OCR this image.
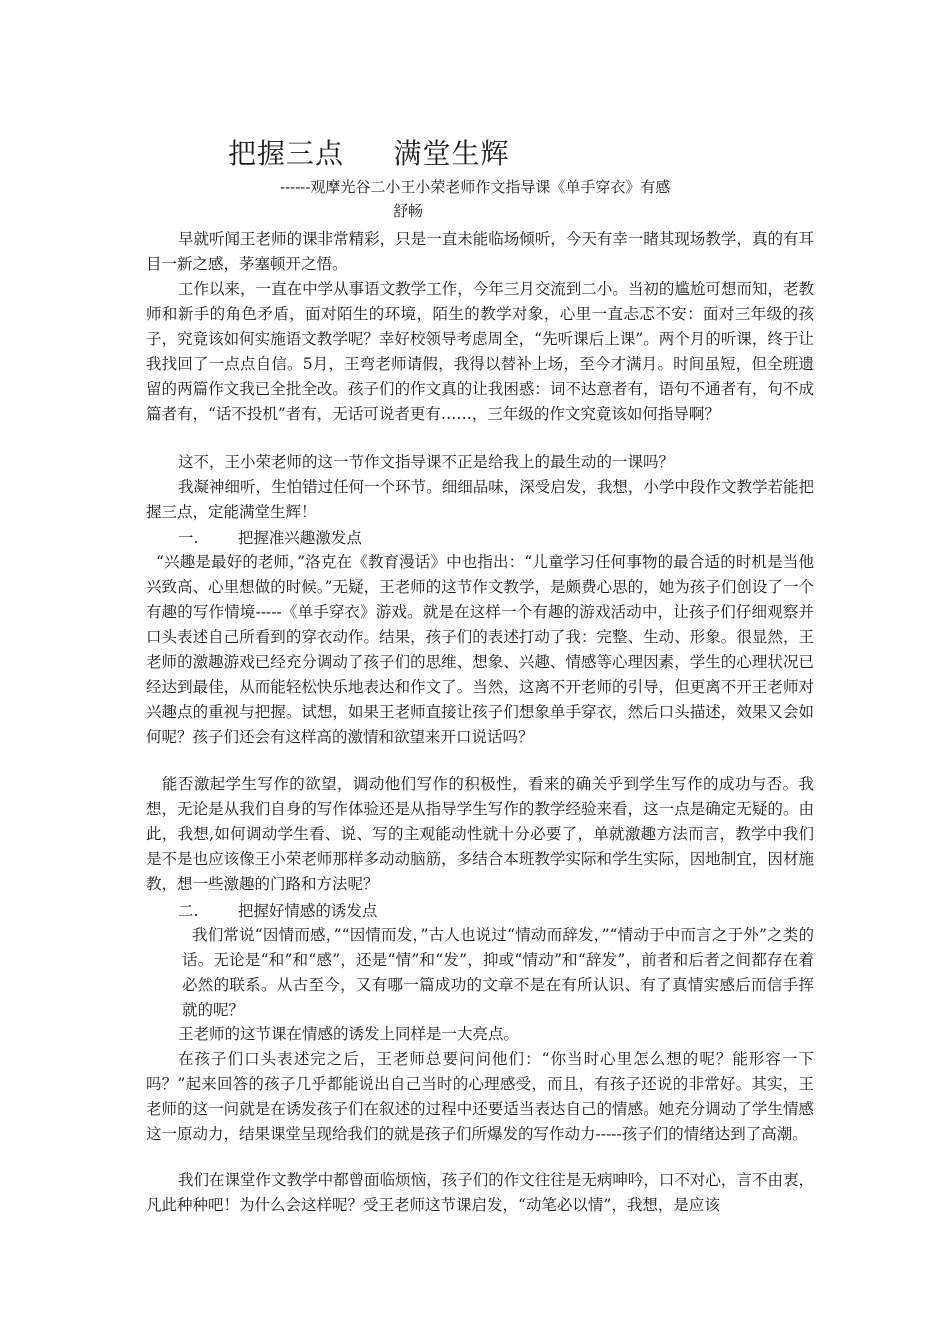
把握三点     满堂生辉
------观摩光谷二小王小荣老师作文指导课《单手穿衣》有感
舒畅

早就听闻王老师的课非常精彩，只是一直未能临场倾听，今天有幸一睹其现场教学，真的有耳目一新之感，茅塞顿开之悟。

工作以来，一直在中学从事语文教学工作，今年三月交流到二小。当初的尴尬可想而知，老教师和新手的角色矛盾，面对陌生的环境，陌生的教学对象，心里一直忐忑不安：面对三年级的孩子，究竟该如何实施语文教学呢？幸好校领导考虑周全，“先听课后上课”。两个月的听课，终于让我找回了一点点自信。5月，王弯老师请假，我得以替补上场，至今才满月。时间虽短，但全班遗留的两篇作文我已全批全改。孩子们的作文真的让我困惑：词不达意者有，语句不通者有，句不成篇者有，“话不投机”者有，无话可说者更有……，三年级的作文究竟该如何指导啊？

这不，王小荣老师的这一节作文指导课不正是给我上的最生动的一课吗？

我凝神细听，生怕错过任何一个环节。细细品味，深受启发，我想，小学中段作文教学若能把握三点，定能满堂生辉！

一.        把握准兴趣激发点

“兴趣是最好的老师，”洛克在《教育漫话》中也指出：“儿童学习任何事物的最合适的时机是当他兴致高、心里想做的时候。”无疑，王老师的这节作文教学，是颇费心思的，她为孩子们创设了一个有趣的写作情境-----《单手穿衣》游戏。就是在这样一个有趣的游戏活动中，让孩子们仔细观察并口头表述自己所看到的穿衣动作。结果，孩子们的表述打动了我：完整、生动、形象。很显然，王老师的激趣游戏已经充分调动了孩子们的思维、想象、兴趣、情感等心理因素，学生的心理状况已经达到最佳，从而能轻松快乐地表达和作文了。当然，这离不开老师的引导，但更离不开王老师对兴趣点的重视与把握。试想，如果王老师直接让孩子们想象单手穿衣，然后口头描述，效果又会如何呢？孩子们还会有这样高的激情和欲望来开口说话吗？

能否激起学生写作的欲望，调动他们写作的积极性，看来的确关乎到学生写作的成功与否。我想，无论是从我们自身的写作体验还是从指导学生写作的教学经验来看，这一点是确定无疑的。由此，我想,如何调动学生看、说、写的主观能动性就十分必要了，单就激趣方法而言，教学中我们是不是也应该像王小荣老师那样多动动脑筋，多结合本班教学实际和学生实际，因地制宜，因材施教，想一些激趣的门路和方法呢？

二.        把握好情感的诱发点

我们常说“因情而感，”“因情而发，”古人也说过“情动而辞发，”“情动于中而言之于外”之类的话。无论是“和”和“感”，还是“情”和“发”，抑或“情动”和“辞发”，前者和后者之间都存在着必然的联系。从古至今，又有哪一篇成功的文章不是在有所认识、有了真情实感后而信手挥就的呢？

王老师的这节课在情感的诱发上同样是一大亮点。

在孩子们口头表述完之后，王老师总要问问他们：“你当时心里怎么想的呢？能形容一下吗？”起来回答的孩子几乎都能说出自己当时的心理感受，而且，有孩子还说的非常好。其实，王老师的这一问就是在诱发孩子们在叙述的过程中还要适当表达自己的情感。她充分调动了学生情感这一原动力，结果课堂呈现给我们的就是孩子们所爆发的写作动力-----孩子们的情绪达到了高潮。

我们在课堂作文教学中都曾面临烦恼，孩子们的作文往往是无病呻吟，口不对心，言不由衷，凡此种种吧！为什么会这样呢？受王老师这节课启发，“动笔必以情”，我想，是应该
